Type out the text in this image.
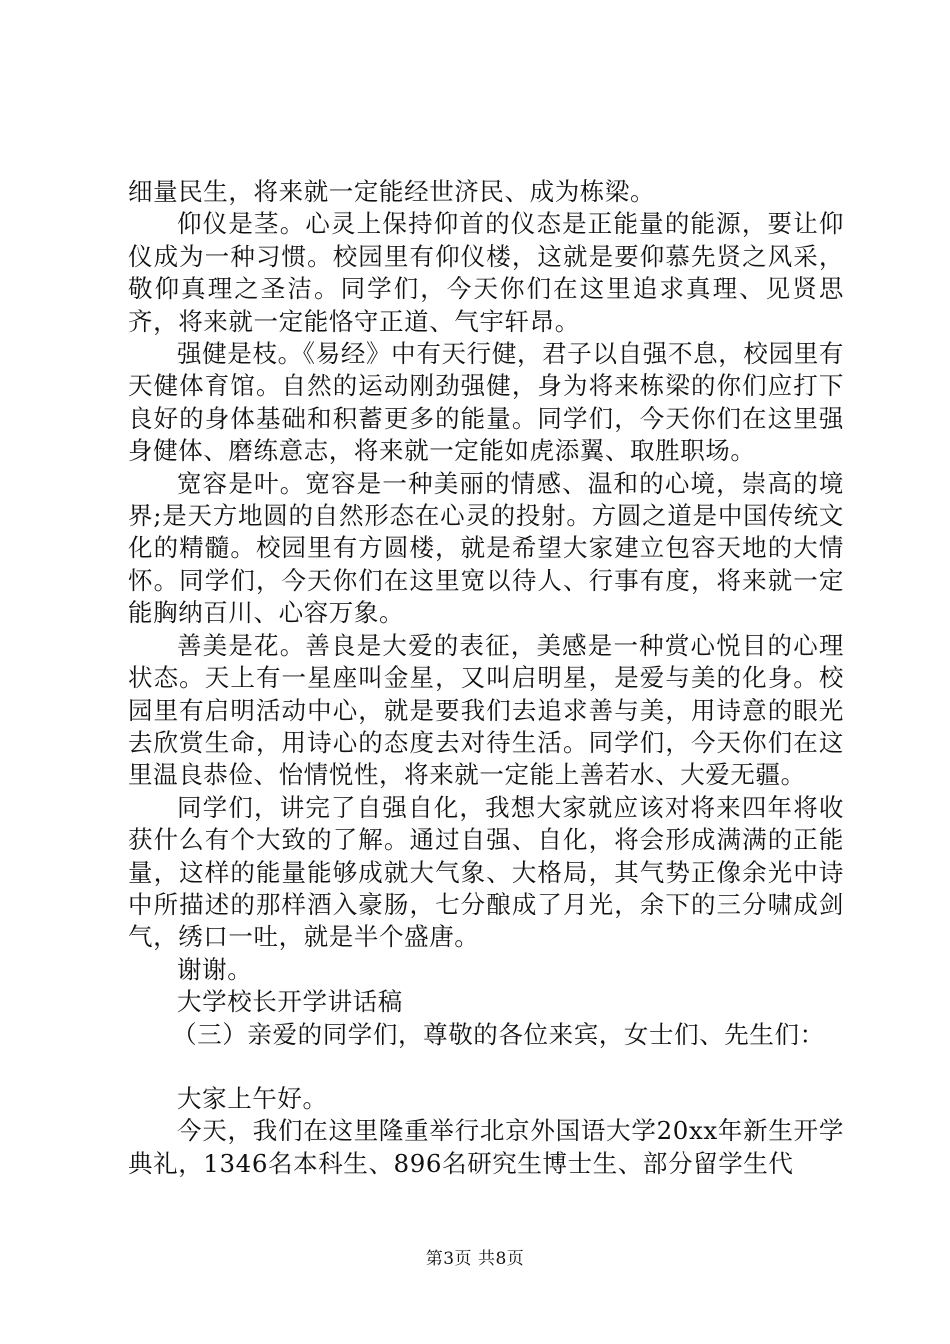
细量民生，将来就一定能经世济民、成为栋梁。

仰仪是茎。心灵上保持仰首的仪态是正能量的能源，要让仰仪成为一种习惯。校园里有仰仪楼，这就是要仰慕先贤之风采，敬仰真理之圣洁。同学们，今天你们在这里追求真理、见贤思齐，将来就一定能恪守正道、气宇轩昂。

强健是枝。《易经》中有天行健，君子以自强不息，校园里有天健体育馆。自然的运动刚劲强健，身为将来栋梁的你们应打下良好的身体基础和积蓄更多的能量。同学们，今天你们在这里强身健体、磨练意志，将来就一定能如虎添翼、取胜职场。

宽容是叶。宽容是一种美丽的情感、温和的心境，崇高的境界;是天方地圆的自然形态在心灵的投射。方圆之道是中国传统文化的精髓。校园里有方圆楼，就是希望大家建立包容天地的大情怀。同学们，今天你们在这里宽以待人、行事有度，将来就一定能胸纳百川、心容万象。

善美是花。善良是大爱的表征，美感是一种赏心悦目的心理状态。天上有一星座叫金星，又叫启明星，是爱与美的化身。校园里有启明活动中心，就是要我们去追求善与美，用诗意的眼光去欣赏生命，用诗心的态度去对待生活。同学们，今天你们在这里温良恭俭、怡情悦性，将来就一定能上善若水、大爱无疆。

同学们，讲完了自强自化，我想大家就应该对将来四年将收获什么有个大致的了解。通过自强、自化，将会形成满满的正能量，这样的能量能够成就大气象、大格局，其气势正像余光中诗中所描述的那样酒入豪肠，七分酿成了月光，余下的三分啸成剑气，绣口一吐，就是半个盛唐。

谢谢。

大学校长开学讲话稿

（三）亲爱的同学们，尊敬的各位来宾，女士们、先生们：

大家上午好。

今天，我们在这里隆重举行北京外国语大学20xx年新生开学典礼，1346名本科生、896名研究生博士生、部分留学生代

第3页 共8页
